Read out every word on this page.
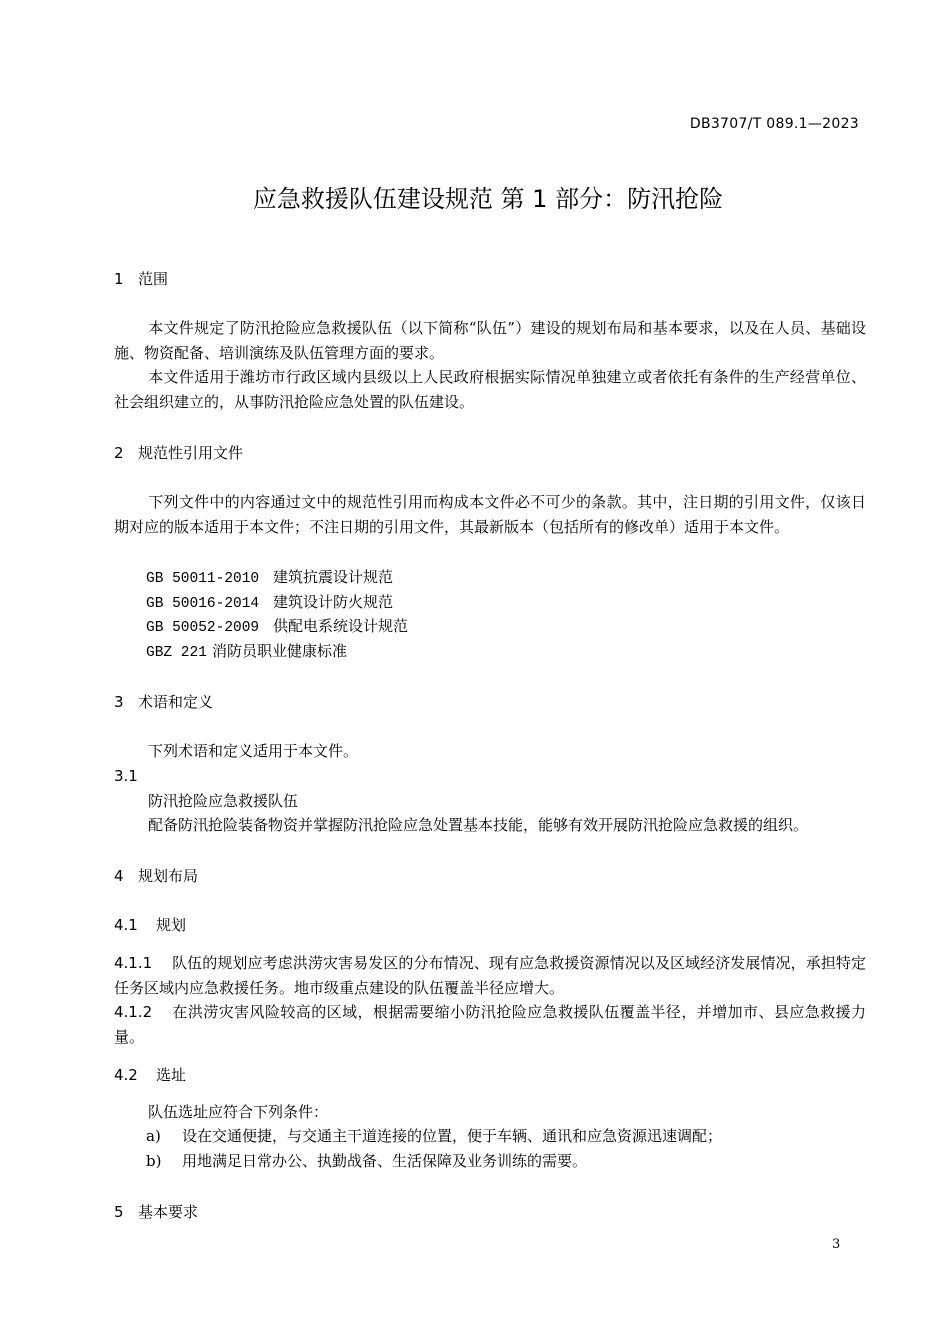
DB3707/T 089.1—2023
应急救援队伍建设规范 第 1 部分：防汛抢险
1 范围
本文件规定了防汛抢险应急救援队伍（以下简称“队伍”）建设的规划布局和基本要求，以及在人员、基础设施、物资配备、培训演练及队伍管理方面的要求。
本文件适用于潍坊市行政区域内县级以上人民政府根据实际情况单独建立或者依托有条件的生产经营单位、社会组织建立的，从事防汛抢险应急处置的队伍建设。
2 规范性引用文件
下列文件中的内容通过文中的规范性引用而构成本文件必不可少的条款。其中，注日期的引用文件，仅该日期对应的版本适用于本文件；不注日期的引用文件，其最新版本（包括所有的修改单）适用于本文件。
GB 50011-2010 建筑抗震设计规范
GB 50016-2014 建筑设计防火规范
GB 50052-2009 供配电系统设计规范
GBZ 221 消防员职业健康标准
3 术语和定义
下列术语和定义适用于本文件。
3.1
防汛抢险应急救援队伍
配备防汛抢险装备物资并掌握防汛抢险应急处置基本技能，能够有效开展防汛抢险应急救援的组织。
4 规划布局
4.1 规划
4.1.1 队伍的规划应考虑洪涝灾害易发区的分布情况、现有应急救援资源情况以及区域经济发展情况，承担特定任务区域内应急救援任务。地市级重点建设的队伍覆盖半径应增大。
4.1.2 在洪涝灾害风险较高的区域，根据需要缩小防汛抢险应急救援队伍覆盖半径，并增加市、县应急救援力量。
4.2 选址
队伍选址应符合下列条件：
a) 设在交通便捷，与交通主干道连接的位置，便于车辆、通讯和应急资源迅速调配；
b) 用地满足日常办公、执勤战备、生活保障及业务训练的需要。
5 基本要求
3
